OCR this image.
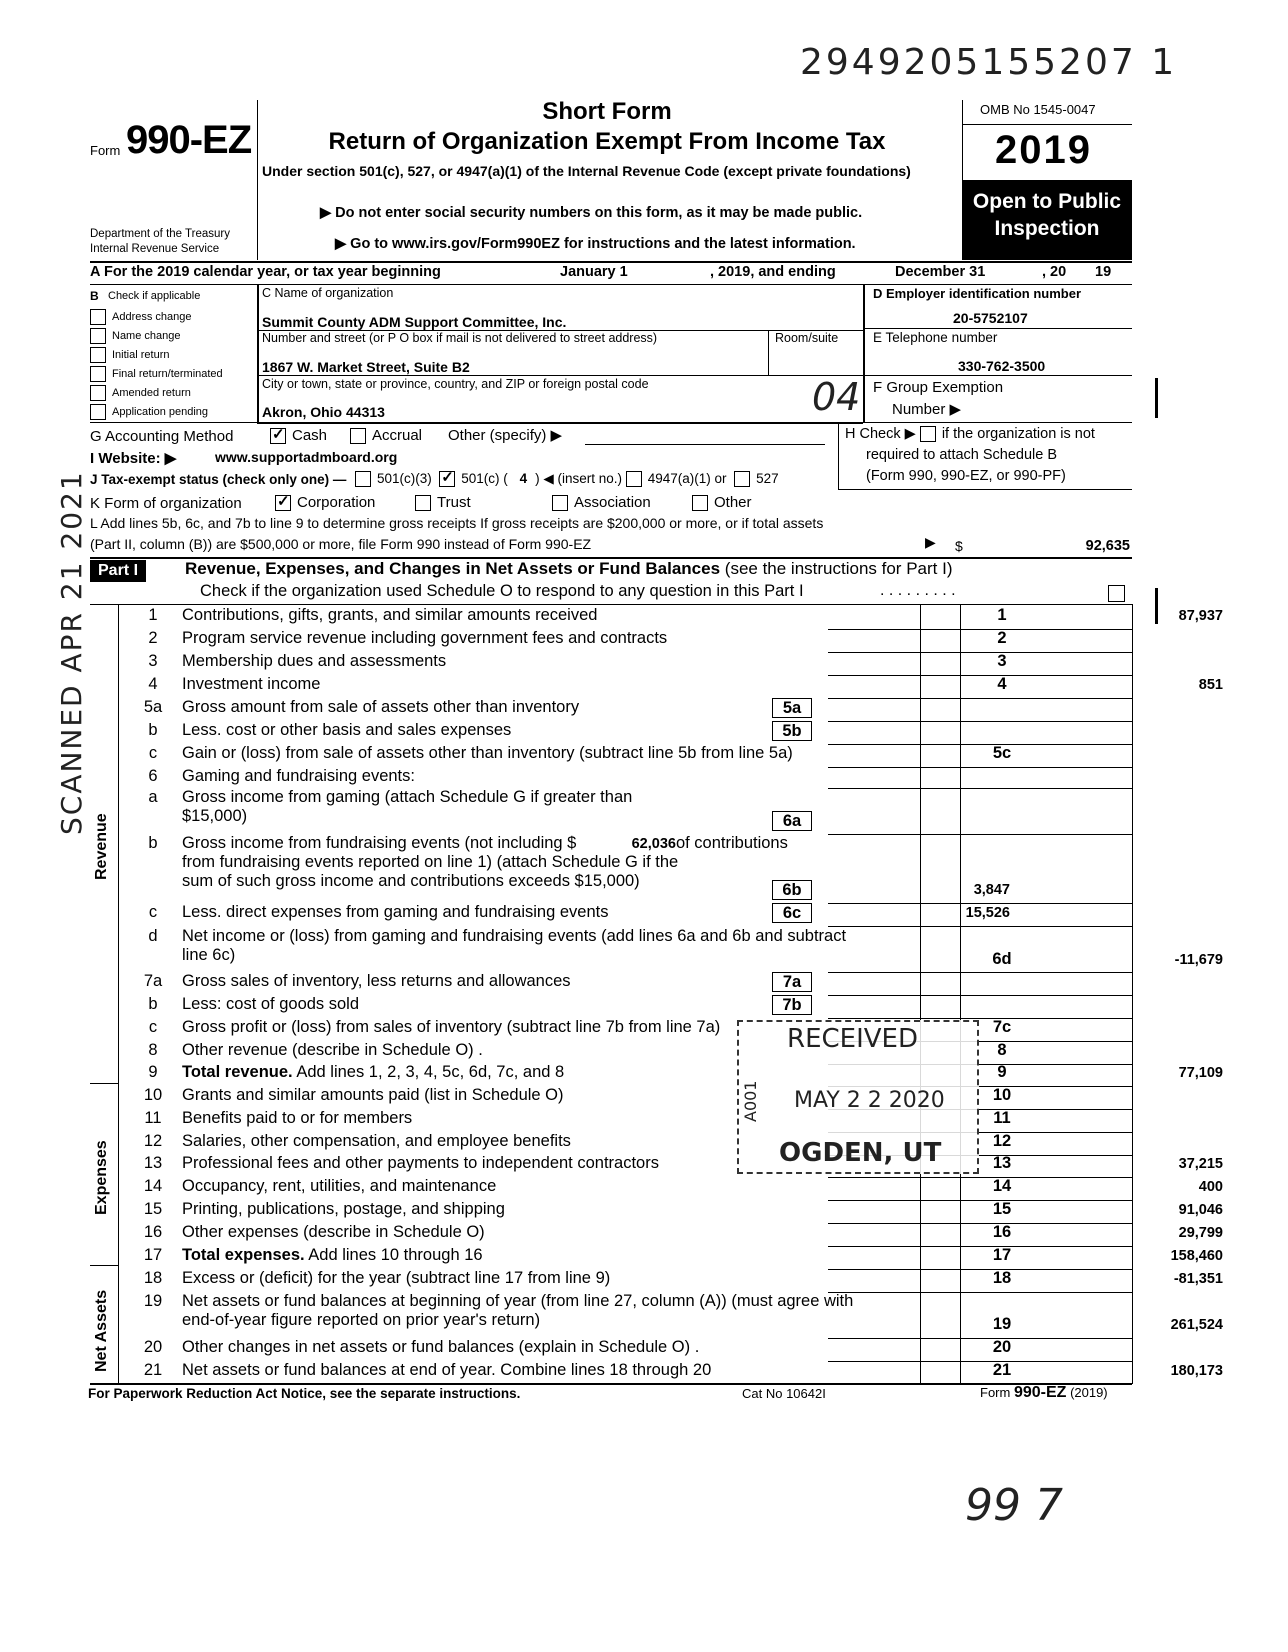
2949205155207 1
Form 990-EZ
Department of the Treasury
Internal Revenue Service
Short Form
Return of Organization Exempt From Income Tax
Under section 501(c), 527, or 4947(a)(1) of the Internal Revenue Code (except private foundations)
▶ Do not enter social security numbers on this form, as it may be made public.
▶ Go to www.irs.gov/Form990EZ for instructions and the latest information.
OMB No 1545-0047
2019
Open to Public
Inspection
A For the 2019 calendar year, or tax year beginning	January 1	, 2019, and ending	December 31	, 20 19
B Check if applicable
Address change
Name change
Initial return
Final return/terminated
Amended return
Application pending
C Name of organization
Summit County ADM Support Committee, Inc.
Number and street (or P O box if mail is not delivered to street address)	Room/suite
1867 W. Market Street, Suite B2
City or town, state or province, country, and ZIP or foreign postal code
Akron, Ohio 44313	04
D Employer identification number
20-5752107
E Telephone number
330-762-3500
F Group Exemption
Number ▶
G Accounting Method ✓	Cash	Accrual Other (specify) ▶	H Check ▶ if the organization is not
required to attach Schedule B
(Form 990, 990-EZ, or 990-PF)
I Website: ▶	www.supportadmboard.org
J Tax-exempt status (check only one) —	501(c)(3) ✓ 501(c) ( 4 ) ◀ (insert no.) 4947(a)(1) or 527
K Form of organization ✓	Corporation	Trust	Association	Other
L Add lines 5b, 6c, and 7b to line 9 to determine gross receipts If gross receipts are $200,000 or more, or if total assets
(Part II, column (B)) are $500,000 or more, file Form 990 instead of Form 990-EZ	▶ $	92,635
Part I	Revenue, Expenses, and Changes in Net Assets or Fund Balances (see the instructions for Part I)
Check if the organization used Schedule O to respond to any question in this Part I	. . . . . . . . .
Revenue
Expenses
Net Assets
1	Contributions, gifts, grants, and similar amounts received	1	87,937
2	Program service revenue including government fees and contracts	2
3	Membership dues and assessments	3
4	Investment income	4	851
5a	Gross amount from sale of assets other than inventory	5a
b	Less. cost or other basis and sales expenses	5b
c	Gain or (loss) from sale of assets other than inventory (subtract line 5b from line 5a)	5c
6	Gaming and fundraising events:
a	Gross income from gaming (attach Schedule G if greater than
$15,000)	6a
b	Gross income from fundraising events (not including $	62,036of contributions
from fundraising events reported on line 1) (attach Schedule G if the
sum of such gross income and contributions exceeds $15,000)	6b	3,847
c	Less. direct expenses from gaming and fundraising events	6c	15,526
d	Net income or (loss) from gaming and fundraising events (add lines 6a and 6b and subtract
line 6c)	6d	-11,679
7a	Gross sales of inventory, less returns and allowances	7a
b	Less: cost of goods sold	7b
c	Gross profit or (loss) from sales of inventory (subtract line 7b from line 7a)	7c
8	Other revenue (describe in Schedule O) .	8
9	Total revenue. Add lines 1, 2, 3, 4, 5c, 6d, 7c, and 8	9	77,109
10	Grants and similar amounts paid (list in Schedule O)	10
11	Benefits paid to or for members	11
12	Salaries, other compensation, and employee benefits	12
13	Professional fees and other payments to independent contractors	13	37,215
14	Occupancy, rent, utilities, and maintenance	14	400
15	Printing, publications, postage, and shipping	15	91,046
16	Other expenses (describe in Schedule O)	16	29,799
17	Total expenses. Add lines 10 through 16	17	158,460
18	Excess or (deficit) for the year (subtract line 17 from line 9)	18	-81,351
19	Net assets or fund balances at beginning of year (from line 27, column (A)) (must agree with
end-of-year figure reported on prior year's return)	19	261,524
20	Other changes in net assets or fund balances (explain in Schedule O) .	20
21	Net assets or fund balances at end of year. Combine lines 18 through 20	21	180,173
For Paperwork Reduction Act Notice, see the separate instructions.	Cat No 10642I	Form 990-EZ (2019)
SCANNED APR 21 2021
RECEIVED
MAY 2 2 2020
OGDEN, UT
A001
99 7
